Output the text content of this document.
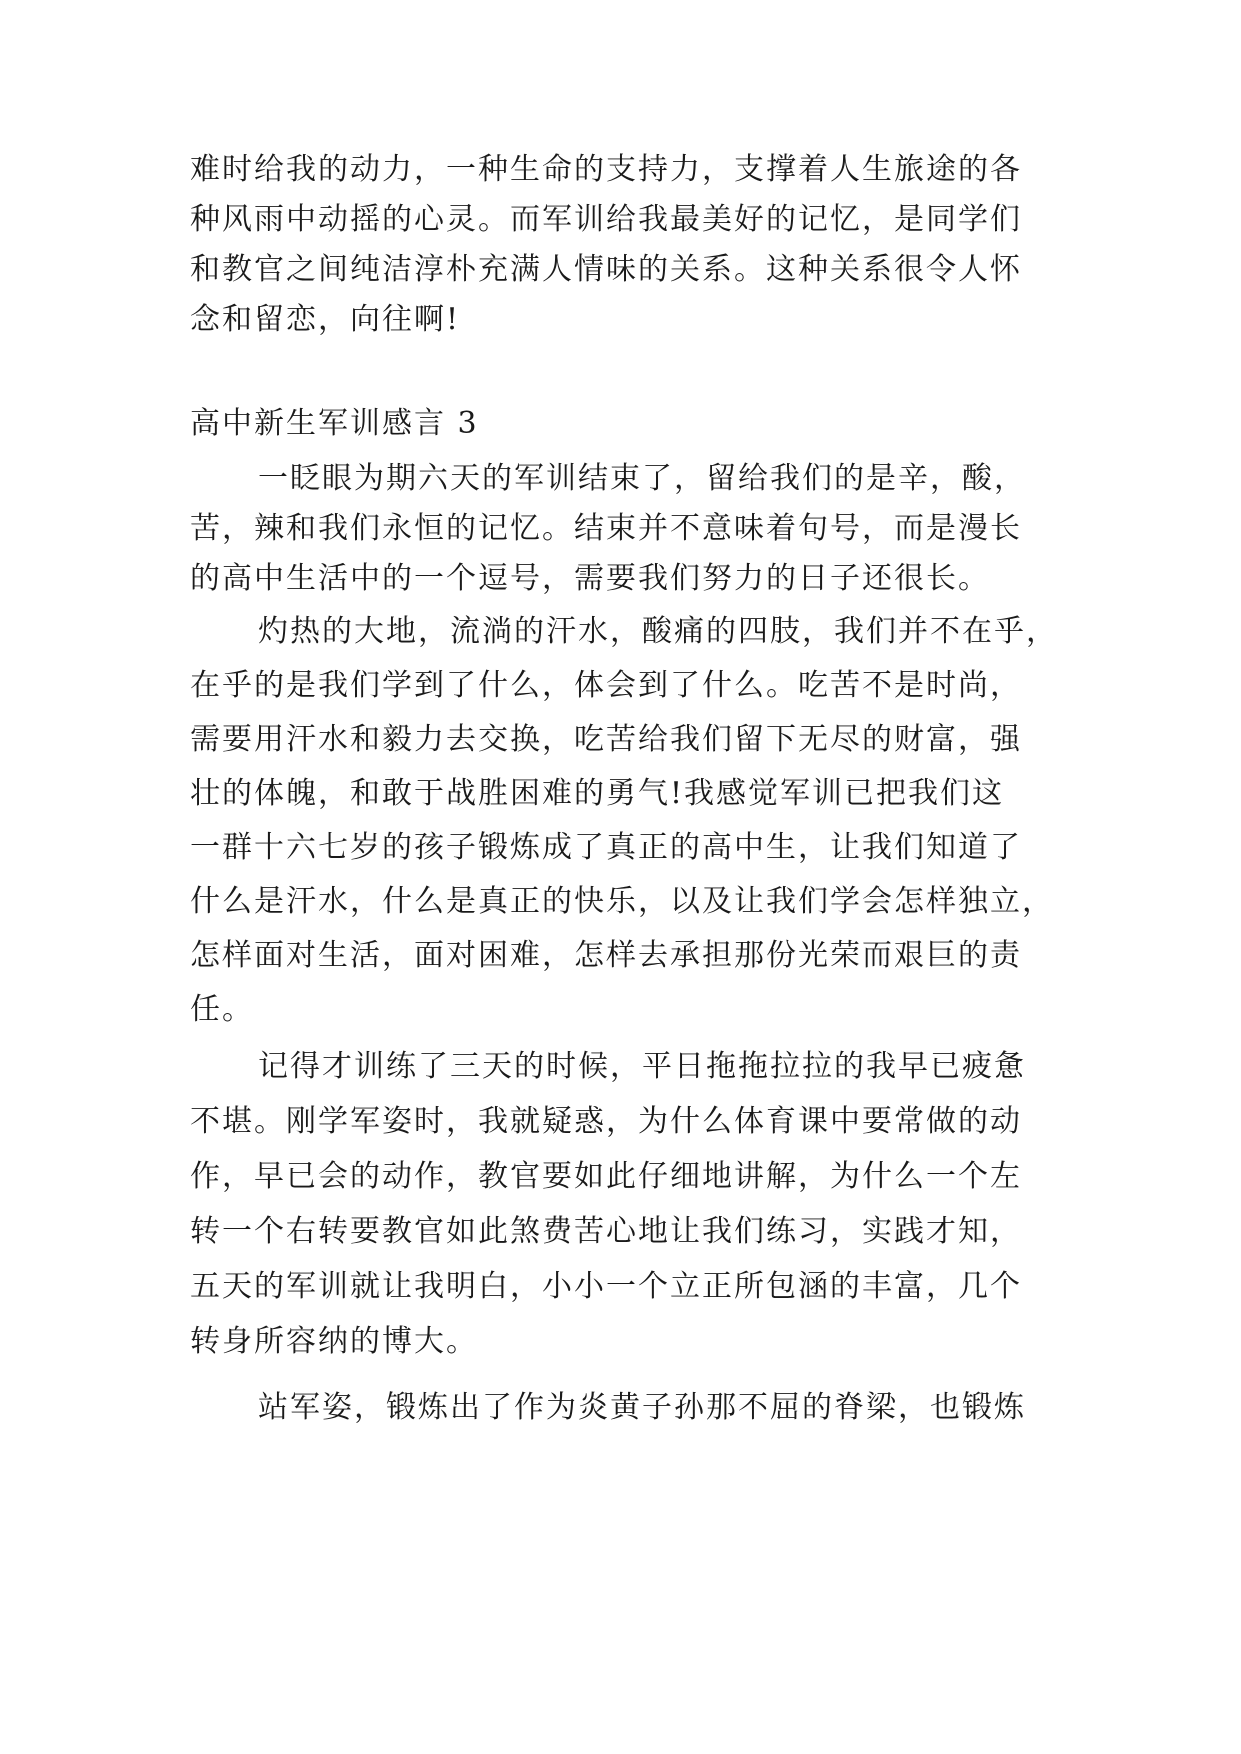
难时给我的动力，一种生命的支持力，支撑着人生旅途的各
种风雨中动摇的心灵。而军训给我最美好的记忆，是同学们
和教官之间纯洁淳朴充满人情味的关系。这种关系很令人怀
念和留恋，向往啊!
高中新生军训感言 3
一眨眼为期六天的军训结束了，留给我们的是辛，酸，
苦，辣和我们永恒的记忆。结束并不意味着句号，而是漫长
的高中生活中的一个逗号，需要我们努力的日子还很长。
灼热的大地，流淌的汗水，酸痛的四肢，我们并不在乎，
在乎的是我们学到了什么，体会到了什么。吃苦不是时尚，
需要用汗水和毅力去交换，吃苦给我们留下无尽的财富，强
壮的体魄，和敢于战胜困难的勇气!我感觉军训已把我们这
一群十六七岁的孩子锻炼成了真正的高中生，让我们知道了
什么是汗水，什么是真正的快乐，以及让我们学会怎样独立，
怎样面对生活，面对困难，怎样去承担那份光荣而艰巨的责
任。
记得才训练了三天的时候，平日拖拖拉拉的我早已疲惫
不堪。刚学军姿时，我就疑惑，为什么体育课中要常做的动
作，早已会的动作，教官要如此仔细地讲解，为什么一个左
转一个右转要教官如此煞费苦心地让我们练习，实践才知，
五天的军训就让我明白，小小一个立正所包涵的丰富，几个
转身所容纳的博大。
站军姿，锻炼出了作为炎黄子孙那不屈的脊梁，也锻炼
